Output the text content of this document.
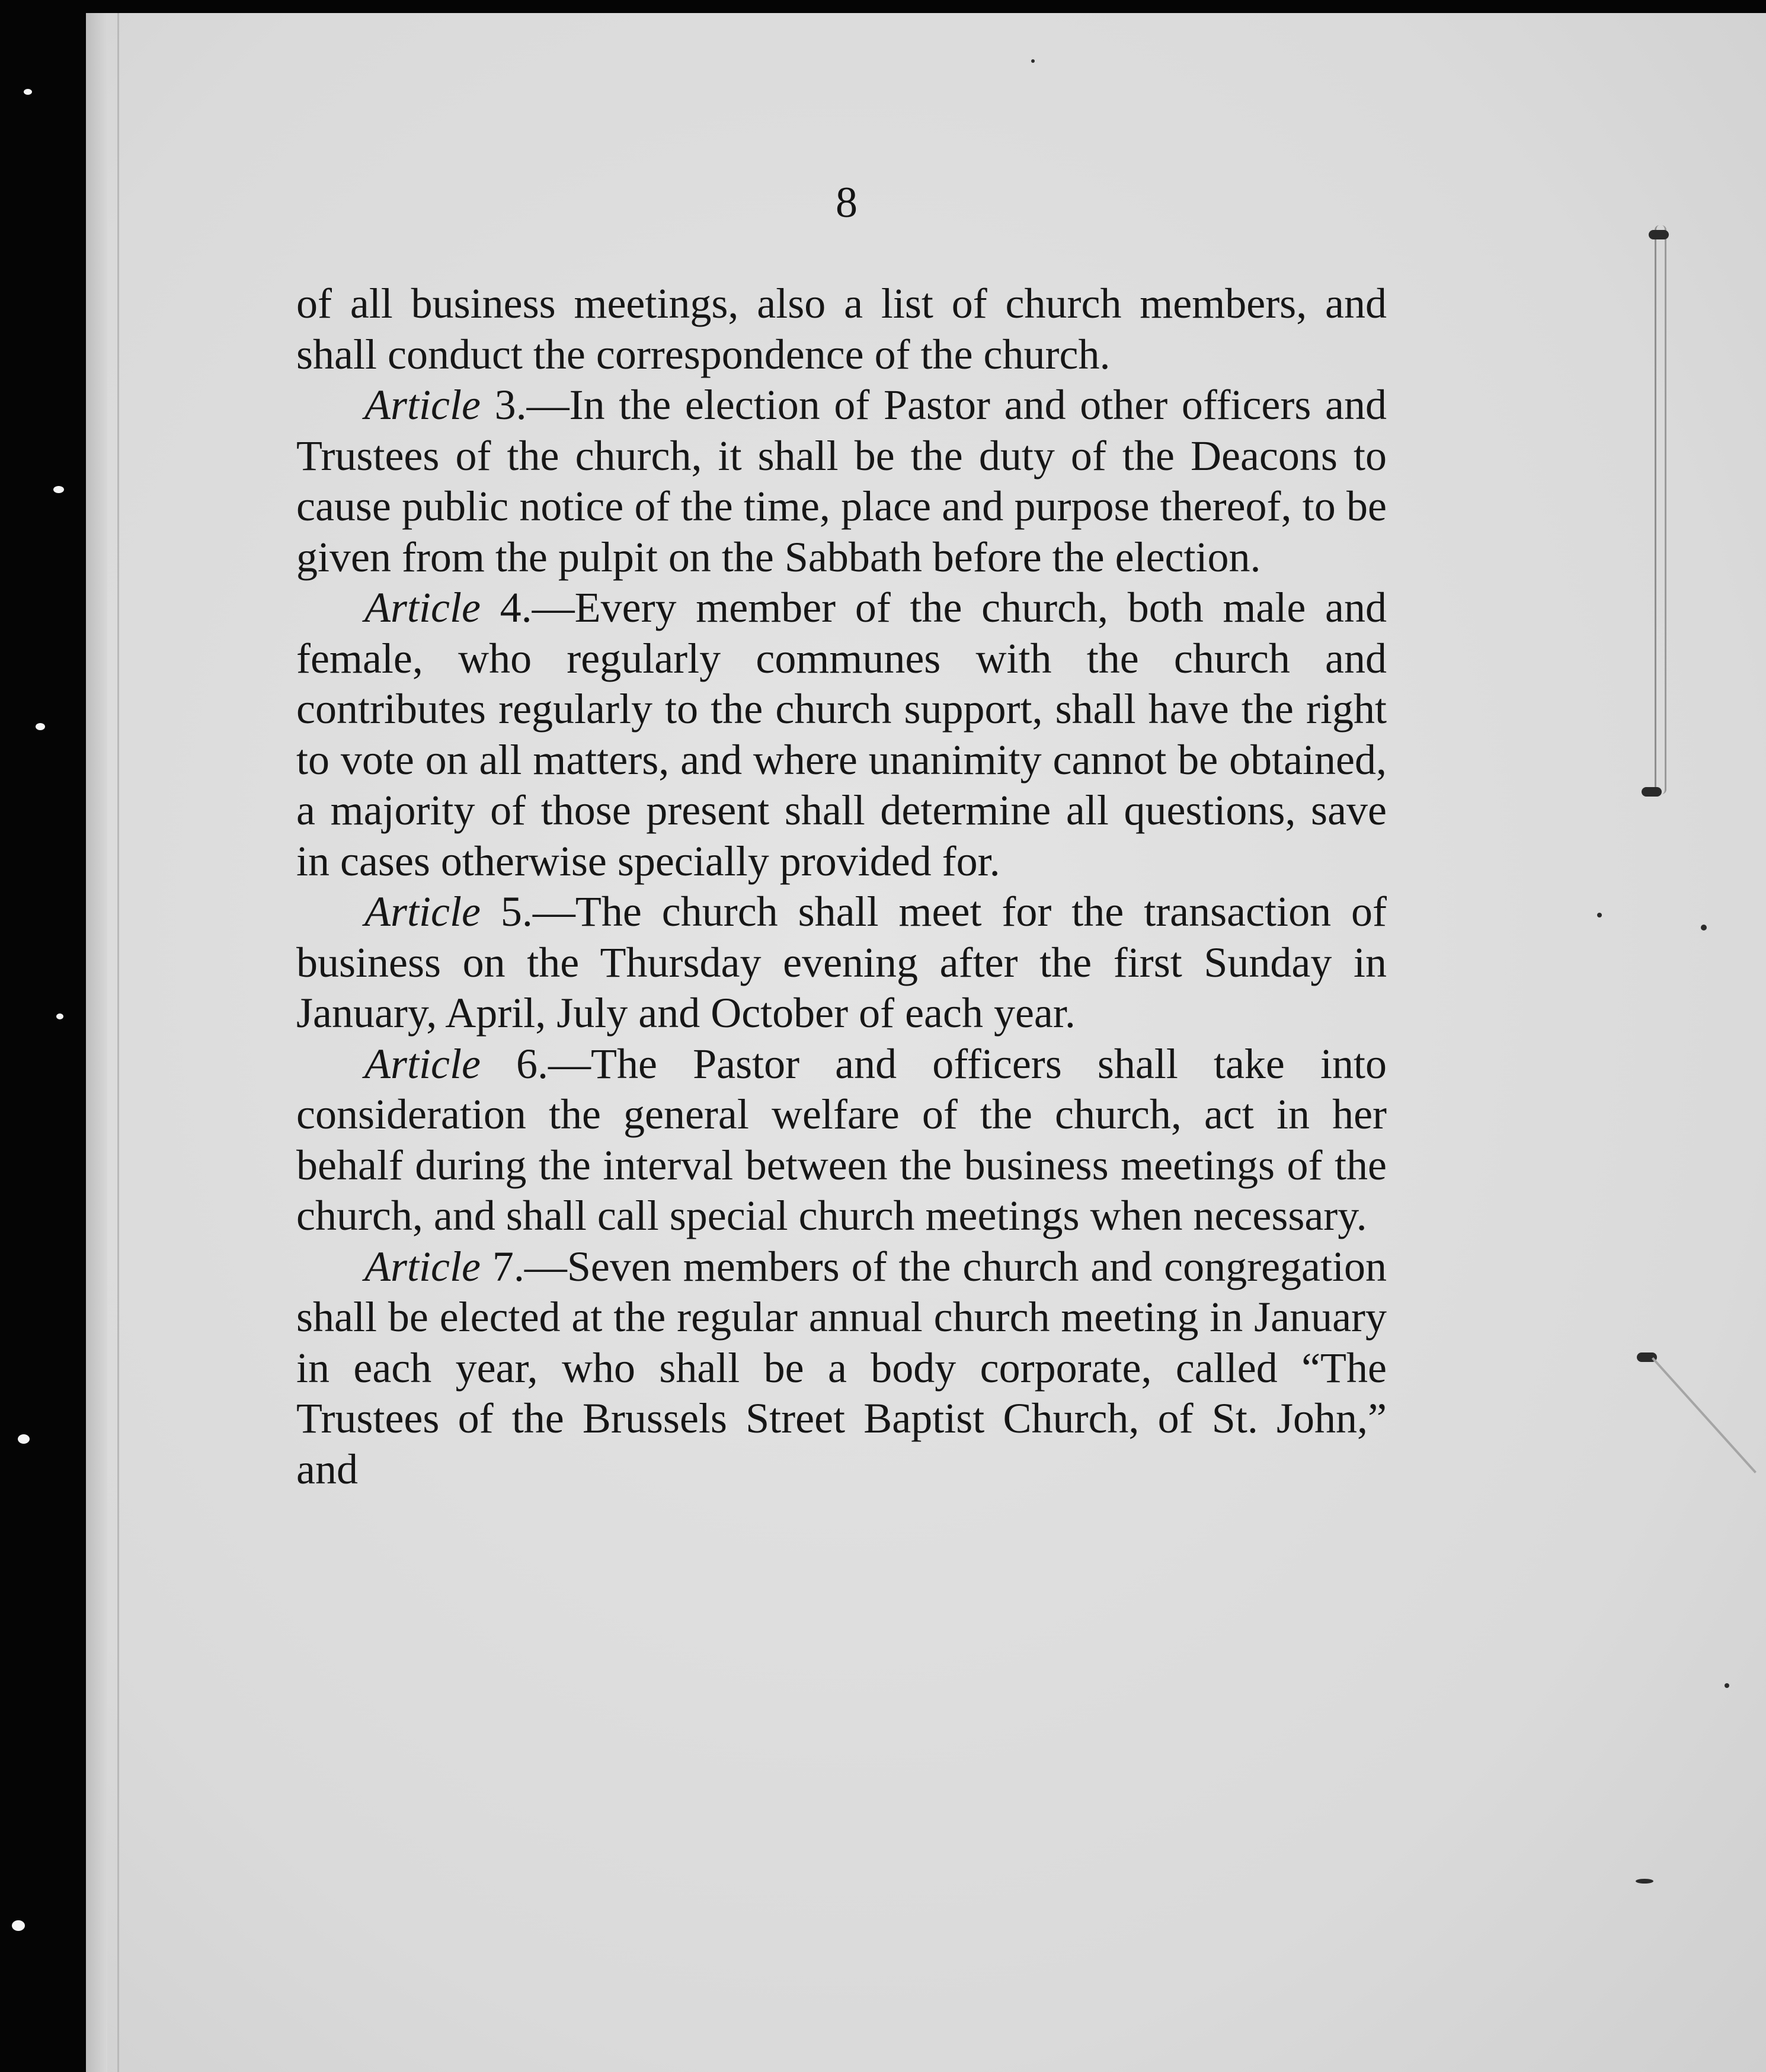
8

of all business meetings, also a list of church members, and shall conduct the correspondence of the church.

Article 3.—In the election of Pastor and other officers and Trustees of the church, it shall be the duty of the Deacons to cause public notice of the time, place and purpose thereof, to be given from the pulpit on the Sabbath before the election.

Article 4.—Every member of the church, both male and female, who regularly communes with the church and contributes regularly to the church support, shall have the right to vote on all matters, and where unanimity cannot be obtained, a majority of those present shall determine all questions, save in cases otherwise specially provided for.

Article 5.—The church shall meet for the transaction of business on the Thursday evening after the first Sunday in January, April, July and October of each year.

Article 6.—The Pastor and officers shall take into consideration the general welfare of the church, act in her behalf during the interval between the business meetings of the church, and shall call special church meetings when necessary.

Article 7.—Seven members of the church and congregation shall be elected at the regular annual church meeting in January in each year, who shall be a body corporate, called “The Trustees of the Brussels Street Baptist Church, of St. John,” and
